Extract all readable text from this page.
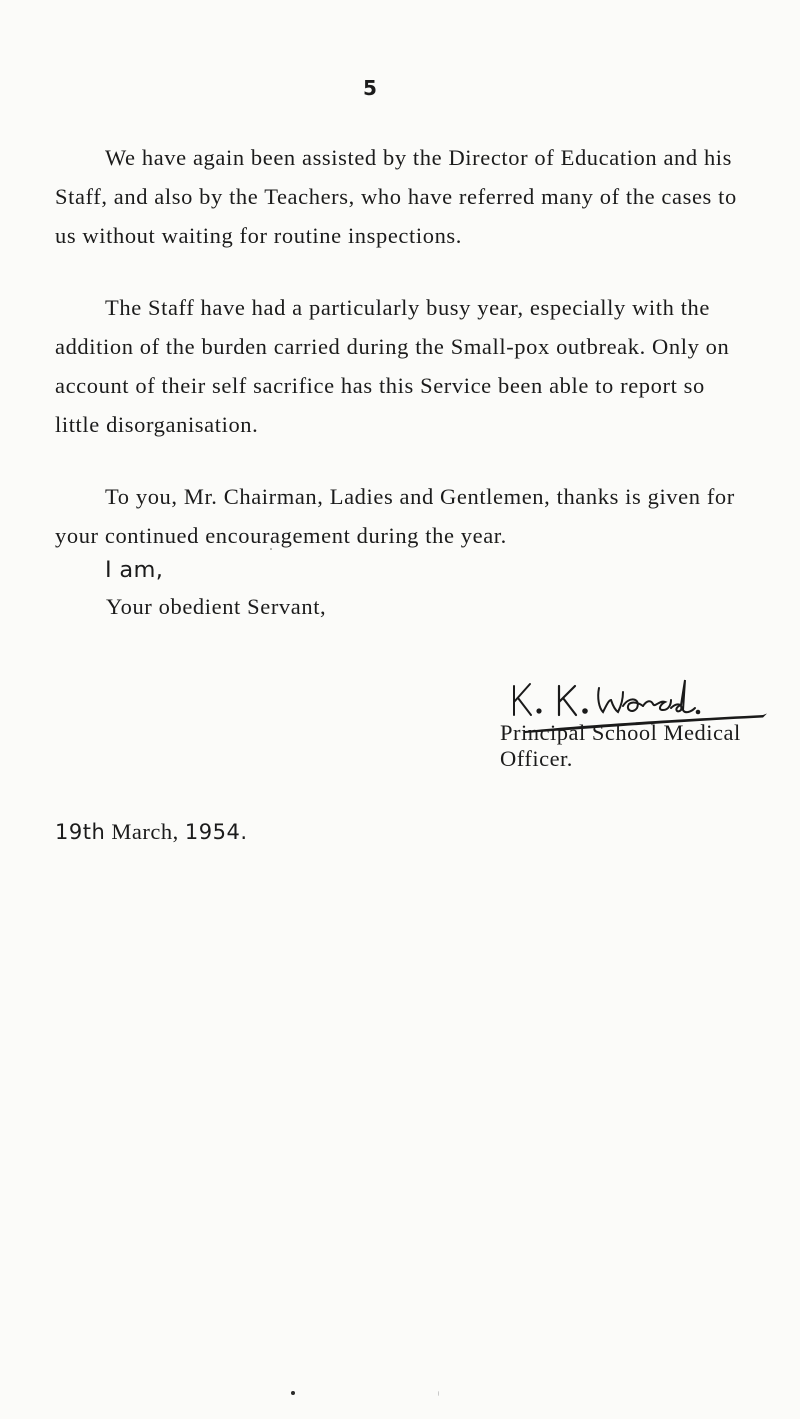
5

We have again been assisted by the Director of Education and his Staff, and also by the Teachers, who have referred many of the cases to us without waiting for routine inspections.

The Staff have had a particularly busy year, especially with the addition of the burden carried during the Small-pox outbreak. Only on account of their self sacrifice has this Service been able to report so little disorganisation.

To you, Mr. Chairman, Ladies and Gentlemen, thanks is given for your continued encouragement during the year.

I am,
Your obedient Servant,
Principal School Medical Officer.
19th March, 1954.
